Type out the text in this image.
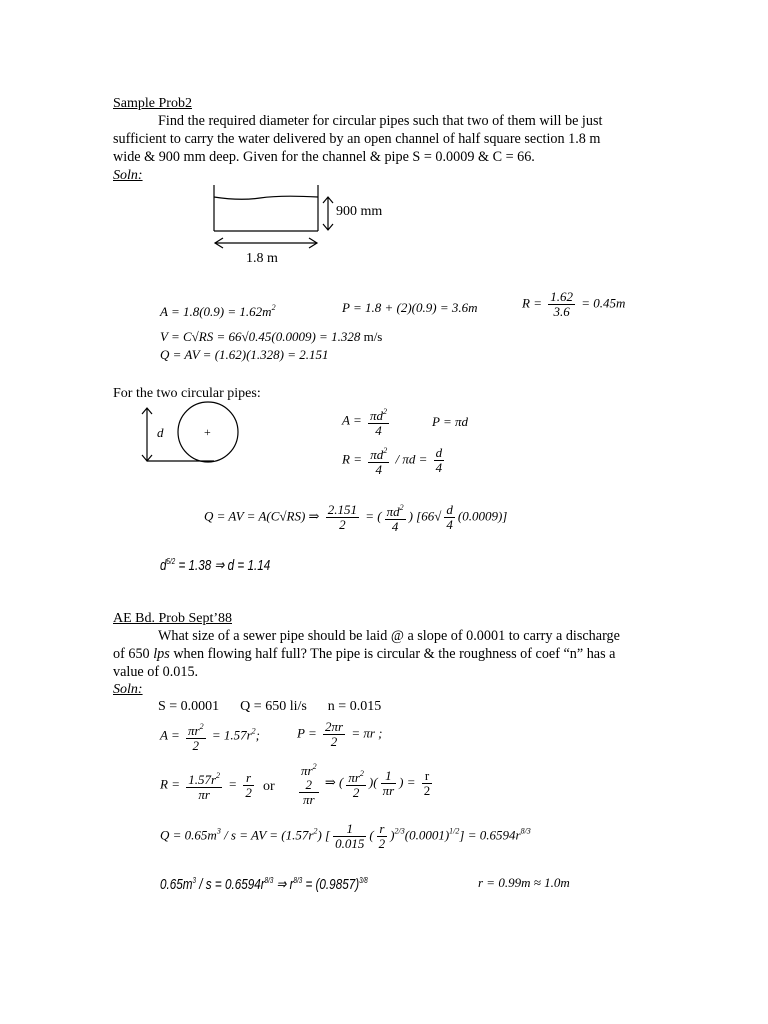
Sample Prob2
Find the required diameter for circular pipes such that two of them will be just
sufficient to carry the water delivered by an open channel of half square section 1.8 m
wide & 900 mm deep. Given for the channel & pipe S = 0.0009 & C = 66.
Soln:
900 mm
1.8 m
$A = 1.8(0.9) = 1.62m^2$	P = 1.8 + (2)(0.9) = 3.6m	$R = \frac{1.62}{3.6} = 0.45m$
V = C√RS = 66√0.45(0.0009) = 1.328 m/s
Q = AV = (1.62)(1.328) = 2.151
For the two circular pipes:
d	+
$A = \frac{\pi d^2}{4}$	P = πd
$R = \frac{\pi d^2}{4} / \pi d = \frac{d}{4}$
Q = AV = A(C√RS) ⇒ $\frac{2.151}{2}$ = ( $\frac{\pi d^2}{4}$ ) $[66√ \frac{d}{4} (0.0009)]$
$d^{5/2} = 1.38$ ⇒ d = 1.14
AE Bd. Prob Sept’88
What size of a sewer pipe should be laid @ a slope of 0.0001 to carry a discharge
of 650 lps when flowing half full? The pipe is circular & the roughness of coef “n” has a
value of 0.015.
Soln:
S = 0.0001      Q = 650 li/s      n = 0.015
$A = \frac{\pi r^2}{2} = 1.57r^2$;	$P = \frac{2\pi r}{2} = \pi r$ ;
$R = \frac{1.57r^2}{\pi r} = \frac{r}{2}$ or
$\pi r^2$
2
πr
⇒ ( $\frac{\pi r^2}{2}$ )( $\frac{1}{\pi r}$ ) = $\frac{r}{2}$
$Q = 0.65m^3 / s$ = AV = $(1.57r^2)$ [ $\frac{1}{0.015}$ ( $\frac{r}{2} )^{2/3}(0.0001)^{1/2}] = 0.6594r^{8/3}$
$0.65m^3 / s = 0.6594r^{8/3}$ ⇒ $r^{8/3} = (0.9857)^{3/8}$	r = 0.99m ≈ 1.0m
